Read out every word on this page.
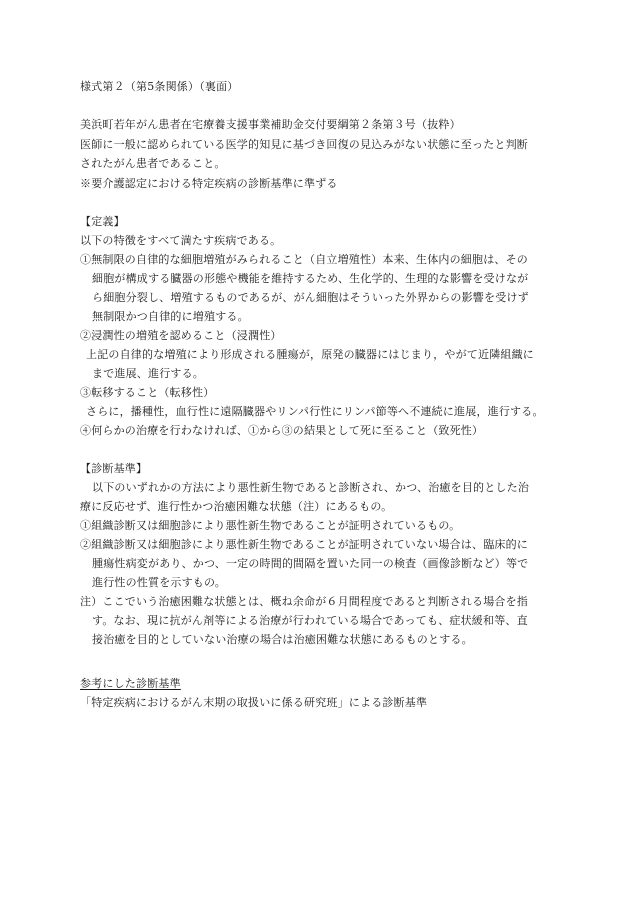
様式第２（第5条関係）（裏面）
美浜町若年がん患者在宅療養支援事業補助金交付要綱第２条第３号（抜粋）
医師に一般に認められている医学的知見に基づき回復の見込みがない状態に至ったと判断
されたがん患者であること。
※要介護認定における特定疾病の診断基準に準ずる
【定義】
以下の特徴をすべて満たす疾病である。
①無制限の自律的な細胞増殖がみられること（自立増殖性）本来、生体内の細胞は、その
細胞が構成する臓器の形態や機能を維持するため、生化学的、生理的な影響を受けなが
ら細胞分裂し、増殖するものであるが、がん細胞はそういった外界からの影響を受けず
無制限かつ自律的に増殖する。
②浸潤性の増殖を認めること（浸潤性）
上記の自律的な増殖により形成される腫瘍が，原発の臓器にはじまり，やがて近隣組織に
まで進展、進行する。
③転移すること（転移性）
さらに，播種性，血行性に遠隔臓器やリンパ行性にリンパ節等へ不連続に進展，進行する。
④何らかの治療を行わなければ、①から③の結果として死に至ること（致死性）
【診断基準】
以下のいずれかの方法により悪性新生物であると診断され、かつ、治癒を目的とした治
療に反応せず、進行性かつ治癒困難な状態（注）にあるもの。
①組織診断又は細胞診により悪性新生物であることが証明されているもの。
②組織診断又は細胞診により悪性新生物であることが証明されていない場合は、臨床的に
腫瘍性病変があり、かつ、一定の時間的間隔を置いた同一の検査（画像診断など）等で
進行性の性質を示すもの。
注）ここでいう治癒困難な状態とは、概ね余命が６月間程度であると判断される場合を指
す。なお、現に抗がん剤等による治療が行われている場合であっても、症状緩和等、直
接治癒を目的としていない治療の場合は治癒困難な状態にあるものとする。
参考にした診断基準
「特定疾病におけるがん末期の取扱いに係る研究班」による診断基準
